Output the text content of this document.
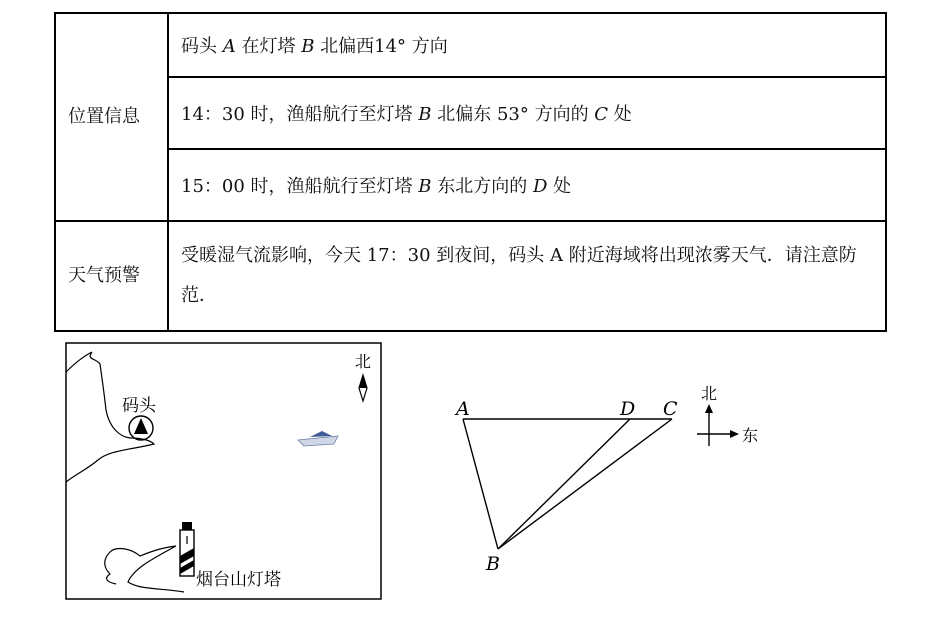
位置信息	码头 A 在灯塔 B 北偏西14° 方向
	14：30 时，渔船航行至灯塔 B 北偏东 53° 方向的 C 处
	15：00 时，渔船航行至灯塔 B 东北方向的 D 处
天气预警	受暖湿气流影响，今天 17：30 到夜间，码头 A 附近海域将出现浓雾天气．请注意防范．
码头
北
烟台山灯塔
A	D C
B
北
东
